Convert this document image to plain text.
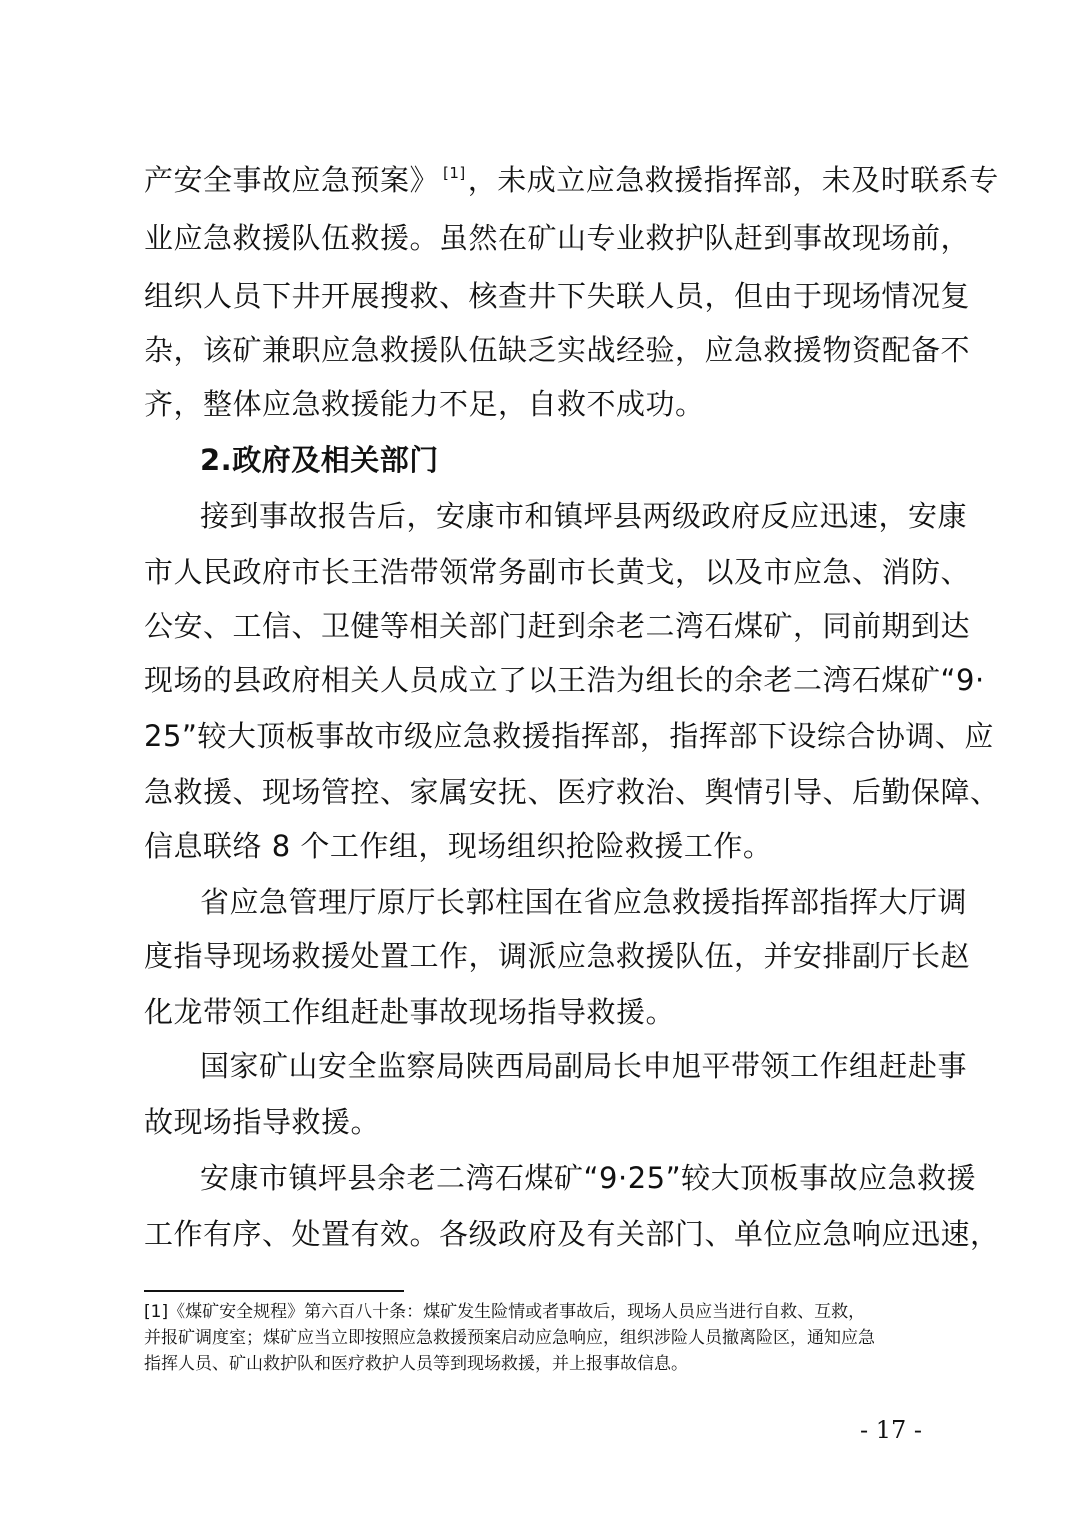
产安全事故应急预案》 [1]，未成立应急救援指挥部，未及时联系专
业应急救援队伍救援。虽然在矿山专业救护队赶到事故现场前，
组织人员下井开展搜救、核查井下失联人员，但由于现场情况复
杂，该矿兼职应急救援队伍缺乏实战经验，应急救援物资配备不
齐，整体应急救援能力不足，自救不成功。
2.政府及相关部门
接到事故报告后，安康市和镇坪县两级政府反应迅速，安康
市人民政府市长王浩带领常务副市长黄戈，以及市应急、消防、
公安、工信、卫健等相关部门赶到余老二湾石煤矿，同前期到达
现场的县政府相关人员成立了以王浩为组长的余老二湾石煤矿“9·
25”较大顶板事故市级应急救援指挥部，指挥部下设综合协调、应
急救援、现场管控、家属安抚、医疗救治、舆情引导、后勤保障、
信息联络 8 个工作组，现场组织抢险救援工作。
省应急管理厅原厅长郭柱国在省应急救援指挥部指挥大厅调
度指导现场救援处置工作，调派应急救援队伍，并安排副厅长赵
化龙带领工作组赶赴事故现场指导救援。
国家矿山安全监察局陕西局副局长申旭平带领工作组赶赴事
故现场指导救援。
安康市镇坪县余老二湾石煤矿“9·25”较大顶板事故应急救援
工作有序、处置有效。各级政府及有关部门、单位应急响应迅速，
[1]《煤矿安全规程》第六百八十条：煤矿发生险情或者事故后，现场人员应当进行自救、互救，
并报矿调度室；煤矿应当立即按照应急救援预案启动应急响应，组织涉险人员撤离险区，通知应急
指挥人员、矿山救护队和医疗救护人员等到现场救援，并上报事故信息。
- 17 -
